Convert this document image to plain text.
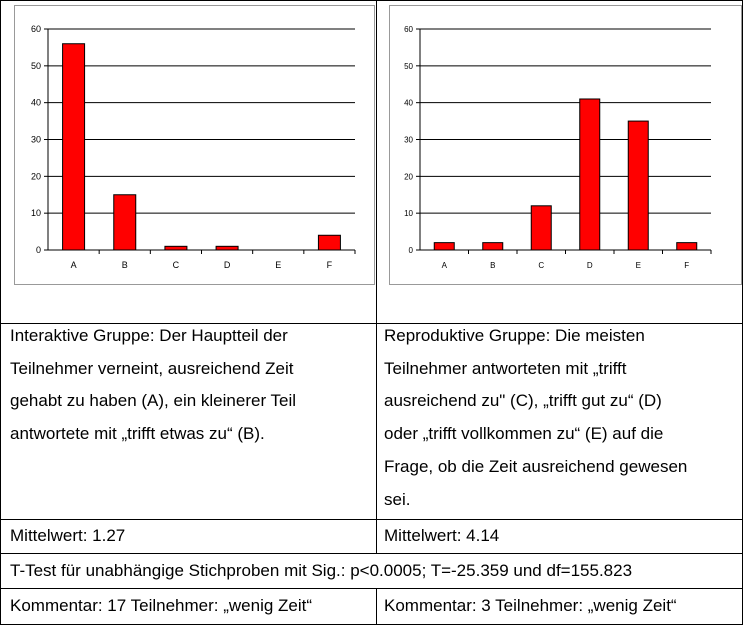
0
10
20
30
40
50
60
A	B	C	D	E	F
0
10
20
30
40
50
60
A	B	C	D	E	F
Interaktive Gruppe: Der Hauptteil der
Teilnehmer verneint, ausreichend Zeit
gehabt zu haben (A), ein kleinerer Teil
antwortete mit „trifft etwas zu“ (B).
Reproduktive Gruppe: Die meisten
Teilnehmer antworteten mit „trifft
ausreichend zu" (C), „trifft gut zu“ (D)
oder „trifft vollkommen zu“ (E) auf die
Frage, ob die Zeit ausreichend gewesen
sei.
Mittelwert: 1.27	Mittelwert: 4.14
T-Test für unabhängige Stichproben mit Sig.: p<0.0005; T=-25.359 und df=155.823
Kommentar: 17 Teilnehmer: „wenig Zeit“	Kommentar: 3 Teilnehmer: „wenig Zeit“
